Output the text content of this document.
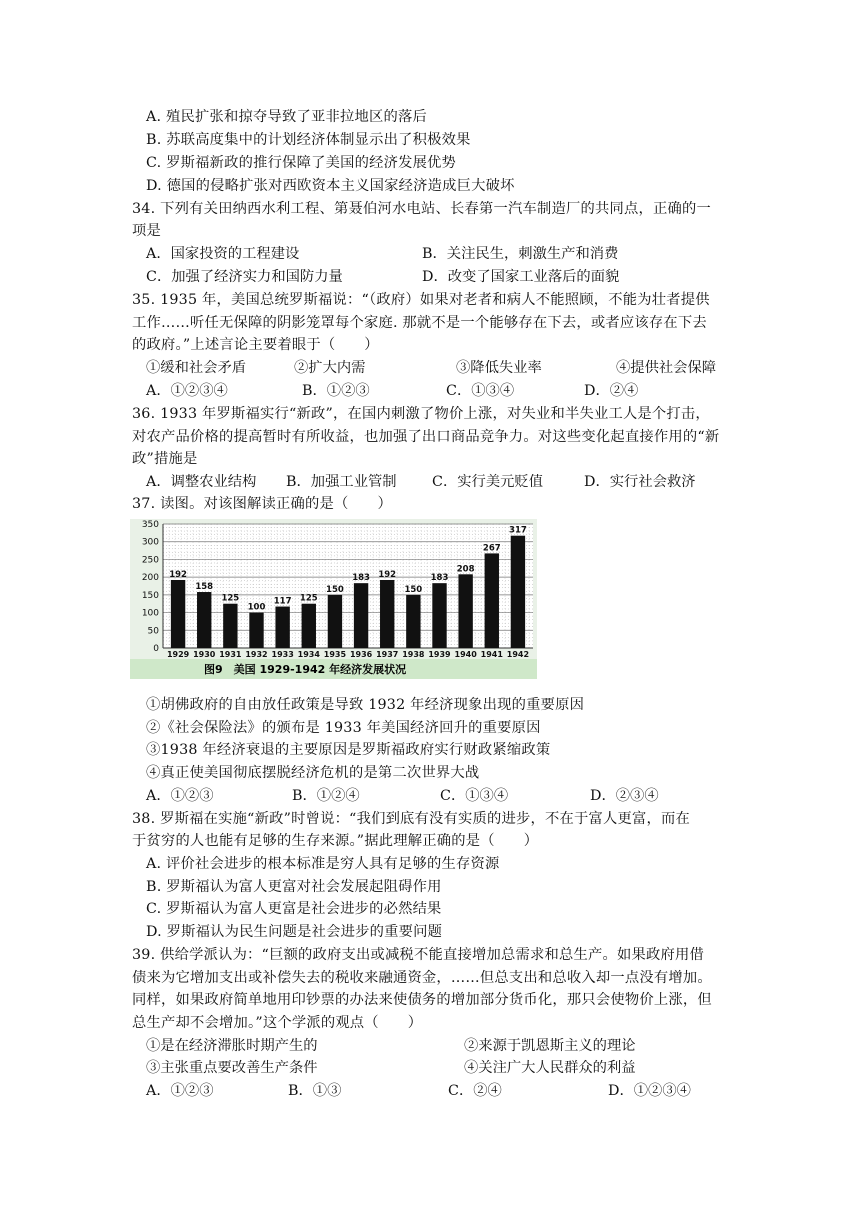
A. 殖民扩张和掠夺导致了亚非拉地区的落后
B. 苏联高度集中的计划经济体制显示出了积极效果
C. 罗斯福新政的推行保障了美国的经济发展优势
D. 德国的侵略扩张对西欧资本主义国家经济造成巨大破坏
34. 下列有关田纳西水利工程、第聂伯河水电站、长春第一汽车制造厂的共同点，正确的一
项是
A．国家投资的工程建设	B．关注民生，刺激生产和消费
C．加强了经济实力和国防力量	D．改变了国家工业落后的面貌
35. 1935 年，美国总统罗斯福说：“（政府）如果对老者和病人不能照顾，不能为壮者提供
工作……听任无保障的阴影笼罩每个家庭. 那就不是一个能够存在下去，或者应该存在下去
的政府。”上述言论主要着眼于（　　）
①缓和社会矛盾	②扩大内需	③降低失业率	④提供社会保障
A．①②③④	B．①②③	C．①③④	D．②④
36. 1933 年罗斯福实行“新政”，在国内刺激了物价上涨，对失业和半失业工人是个打击，
对农产品价格的提高暂时有所收益，也加强了出口商品竞争力。对这些变化起直接作用的“新
政”措施是
A．调整农业结构 B．加强工业管制 C．实行美元贬值	D．实行社会救济
37. 读图。对该图解读正确的是（　　）
0
50
100
150
200
250
300
350
192
158
125
100
117 125
150
183 192
150
183
208
267
317
1929 1930 1931 1932 1933 1934 1935 1936 1937 1938 1939 1940 1941 1942
图9　美国 1929-1942 年经济发展状况
①胡佛政府的自由放任政策是导致 1932 年经济现象出现的重要原因
②《社会保险法》的颁布是 1933 年美国经济回升的重要原因
③1938 年经济衰退的主要原因是罗斯福政府实行财政紧缩政策
④真正使美国彻底摆脱经济危机的是第二次世界大战
A．①②③	B．①②④	C．①③④	D．②③④
38. 罗斯福在实施“新政”时曾说：“我们到底有没有实质的进步，不在于富人更富，而在
于贫穷的人也能有足够的生存来源。”据此理解正确的是（　　）
A. 评价社会进步的根本标准是穷人具有足够的生存资源
B. 罗斯福认为富人更富对社会发展起阻碍作用
C. 罗斯福认为富人更富是社会进步的必然结果
D. 罗斯福认为民生问题是社会进步的重要问题
39. 供给学派认为：“巨额的政府支出或减税不能直接增加总需求和总生产。如果政府用借
债来为它增加支出或补偿失去的税收来融通资金，……但总支出和总收入却一点没有增加。
同样，如果政府简单地用印钞票的办法来使债务的增加部分货币化，那只会使物价上涨，但
总生产却不会增加。”这个学派的观点（　　）
①是在经济滞胀时期产生的	②来源于凯恩斯主义的理论
③主张重点要改善生产条件	④关注广大人民群众的利益
A．①②③	B．①③	C．②④	D．①②③④
